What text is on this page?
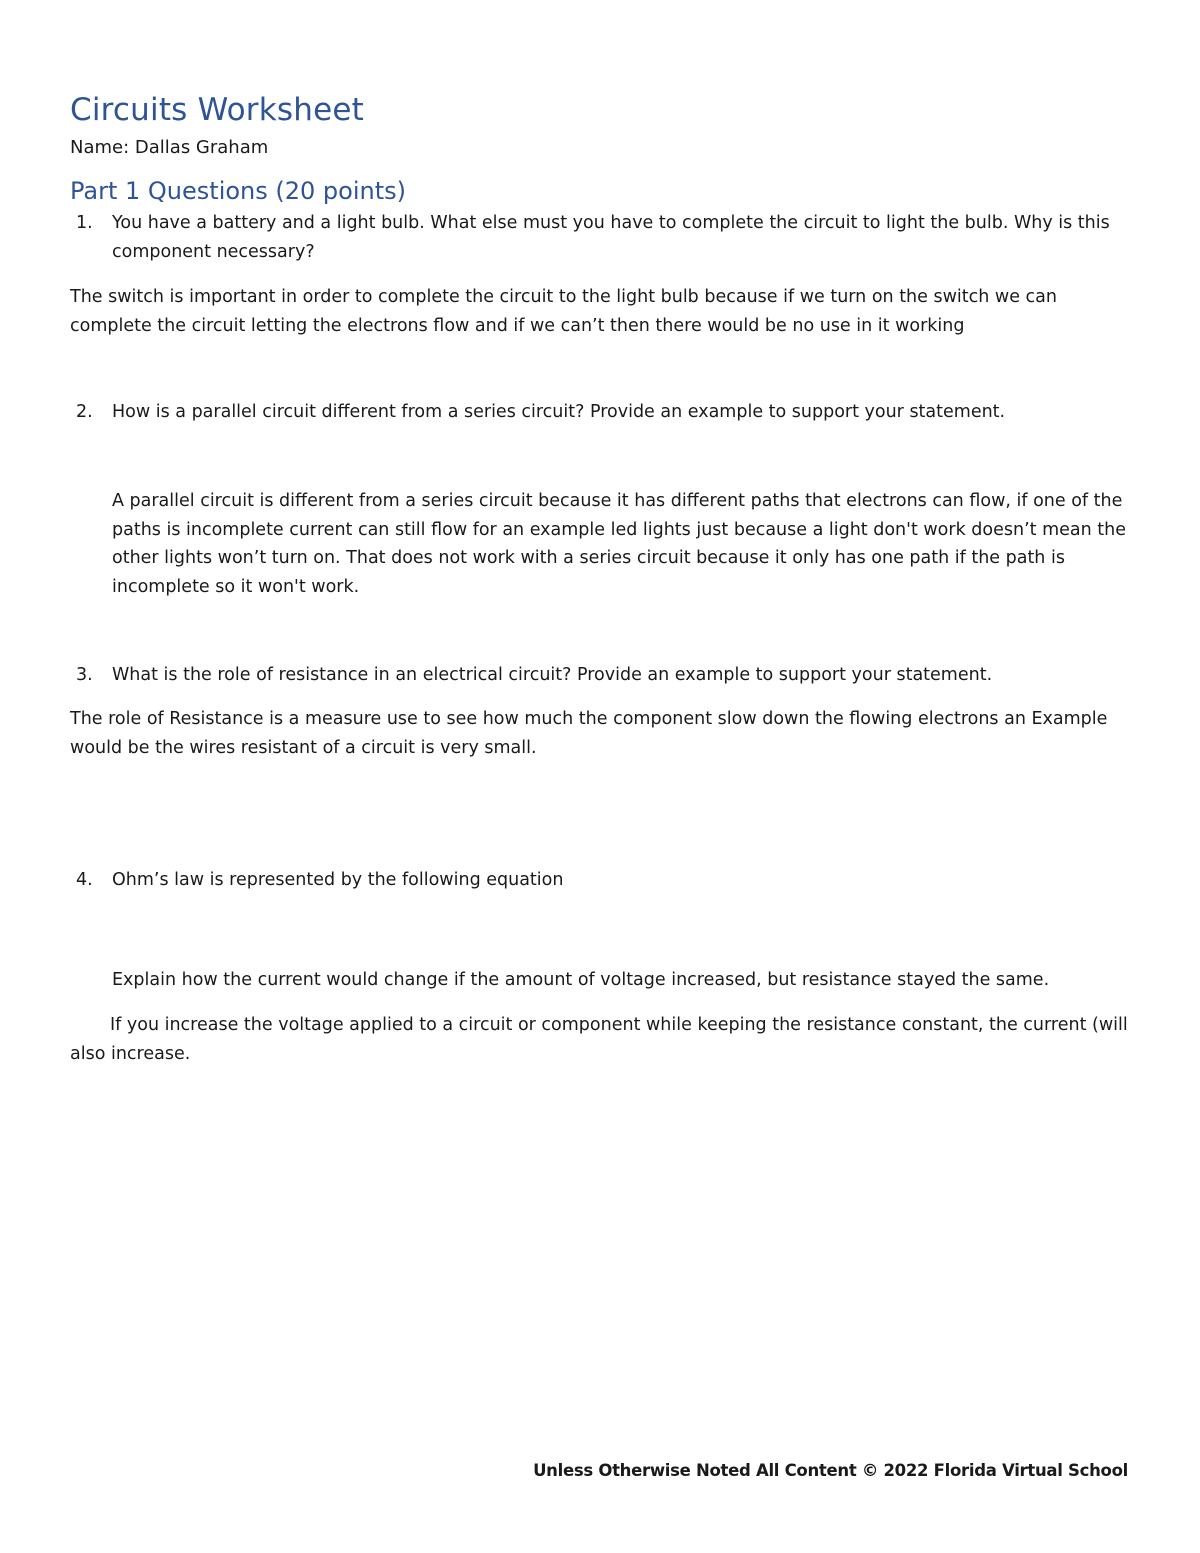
Circuits Worksheet
Name: Dallas Graham
Part 1 Questions (20 points)
1. You have a battery and a light bulb. What else must you have to complete the circuit to light the bulb. Why is this component necessary?
The switch is important in order to complete the circuit to the light bulb because if we turn on the switch we can complete the circuit letting the electrons flow and if we can’t then there would be no use in it working
2. How is a parallel circuit different from a series circuit? Provide an example to support your statement.
A parallel circuit is different from a series circuit because it has different paths that electrons can flow, if one of the paths is incomplete current can still flow for an example led lights just because a light don't work doesn’t mean the other lights won’t turn on. That does not work with a series circuit because it only has one path if the path is incomplete so it won't work.
3. What is the role of resistance in an electrical circuit? Provide an example to support your statement.
The role of Resistance is a measure use to see how much the component slow down the flowing electrons an Example would be the wires resistant of a circuit is very small.
4. Ohm’s law is represented by the following equation
Explain how the current would change if the amount of voltage increased, but resistance stayed the same.
If you increase the voltage applied to a circuit or component while keeping the resistance constant, the current (will also increase.
Unless Otherwise Noted All Content © 2022 Florida Virtual School
